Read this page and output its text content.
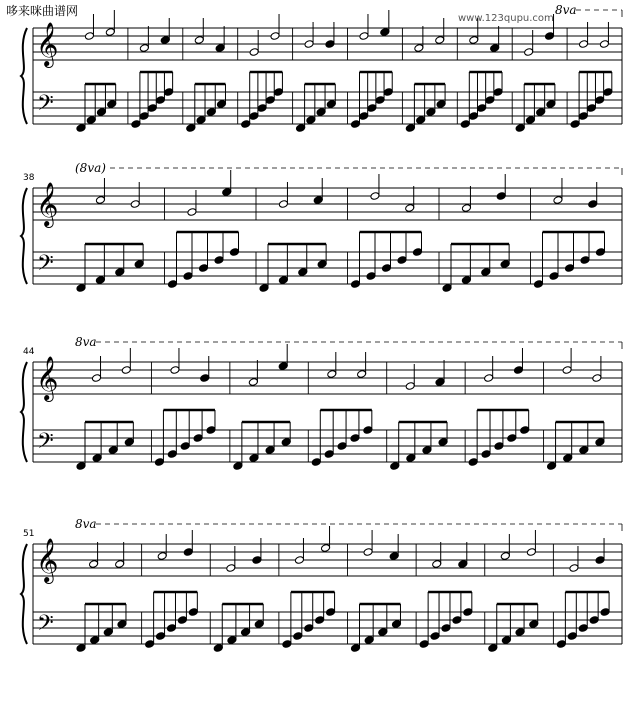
哆来咪曲谱网
www.123qupu.com
𝄞
𝄢
8va
𝄞
𝄢
38
(8va)
𝄞
𝄢
44
8va
𝄞
𝄢
51
8va
